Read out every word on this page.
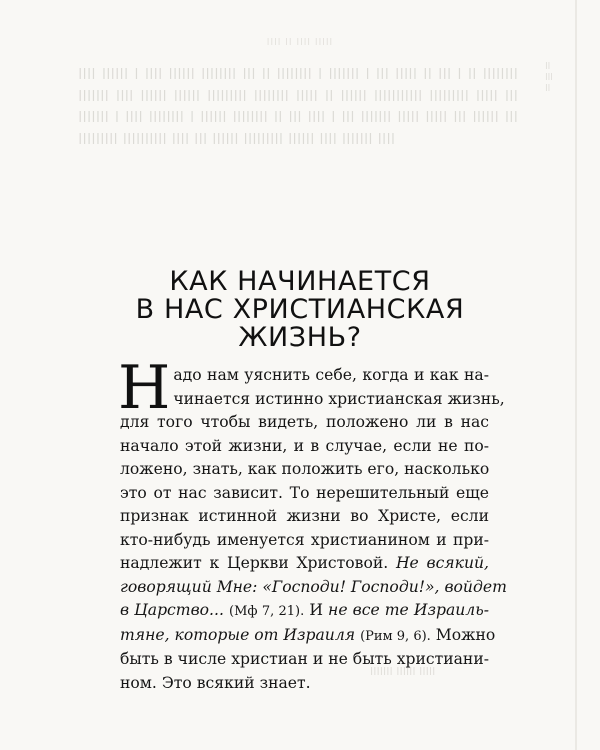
ǀǀǀǀ ǀǀ ǀǀǀǀ ǀǀǀǀǀ
ǀǀǀǀ ǀǀǀǀǀǀ ǀ ǀǀǀǀ ǀǀǀǀǀǀ ǀǀǀǀǀǀǀǀ ǀǀǀ ǀǀ ǀǀǀǀǀǀǀǀ ǀ ǀǀǀǀǀǀǀ ǀ ǀǀǀ ǀǀǀǀǀ ǀǀ ǀǀǀ ǀ ǀǀ ǀǀǀǀǀǀǀǀ ǀǀǀǀǀǀǀ ǀǀǀǀ ǀǀǀǀǀǀ ǀǀǀǀǀǀ ǀǀǀǀǀǀǀǀǀ ǀǀǀǀǀǀǀǀ ǀǀǀǀǀ ǀǀ ǀǀǀǀǀǀ ǀǀǀǀǀǀǀǀǀǀǀ ǀǀǀǀǀǀǀǀǀ ǀǀǀǀǀ ǀǀǀ ǀǀǀǀǀǀǀ ǀ ǀǀǀǀ ǀǀǀǀǀǀǀǀ ǀ ǀǀǀǀǀǀ ǀǀǀǀǀǀǀǀ ǀǀ ǀǀǀ ǀǀǀǀ ǀ ǀǀǀ ǀǀǀǀǀǀǀ ǀǀǀǀǀ ǀǀǀǀǀ ǀǀǀ ǀǀǀǀǀǀ ǀǀǀ ǀǀǀǀǀǀǀǀǀ ǀǀǀǀǀǀǀǀǀǀ ǀǀǀǀ ǀǀǀ ǀǀǀǀǀǀ ǀǀǀǀǀǀǀǀǀ ǀǀǀǀǀǀ ǀǀǀǀ ǀǀǀǀǀǀǀ ǀǀǀǀ
ǀǀ
ǀǀǀ
ǀǀ
ǀǀǀǀǀǀǀ ǀǀǀǀǀǀ ǀǀǀǀǀ
КАК НАЧИНАЕТСЯ
В НАС ХРИСТИАНСКАЯ
ЖИЗНЬ?
Н адо нам уяснить себе, когда и как на-
чинается истинно христианская жизнь,
для того чтобы видеть, положено ли в нас
начало этой жизни, и в случае, если не по-
ложено, знать, как положить его, насколько
это от нас зависит. То нерешительный еще
признак истинной жизни во Христе, если
кто-нибудь именуется христианином и при-
надлежит к Церкви Христовой. Не всякий,
говорящий Мне: «Господи! Господи!», войдет
в Царство... (Мф 7, 21). И не все те Израиль-
тяне, которые от Израиля (Рим 9, 6). Можно
быть в числе христиан и не быть христиани-
ном. Это всякий знает.
